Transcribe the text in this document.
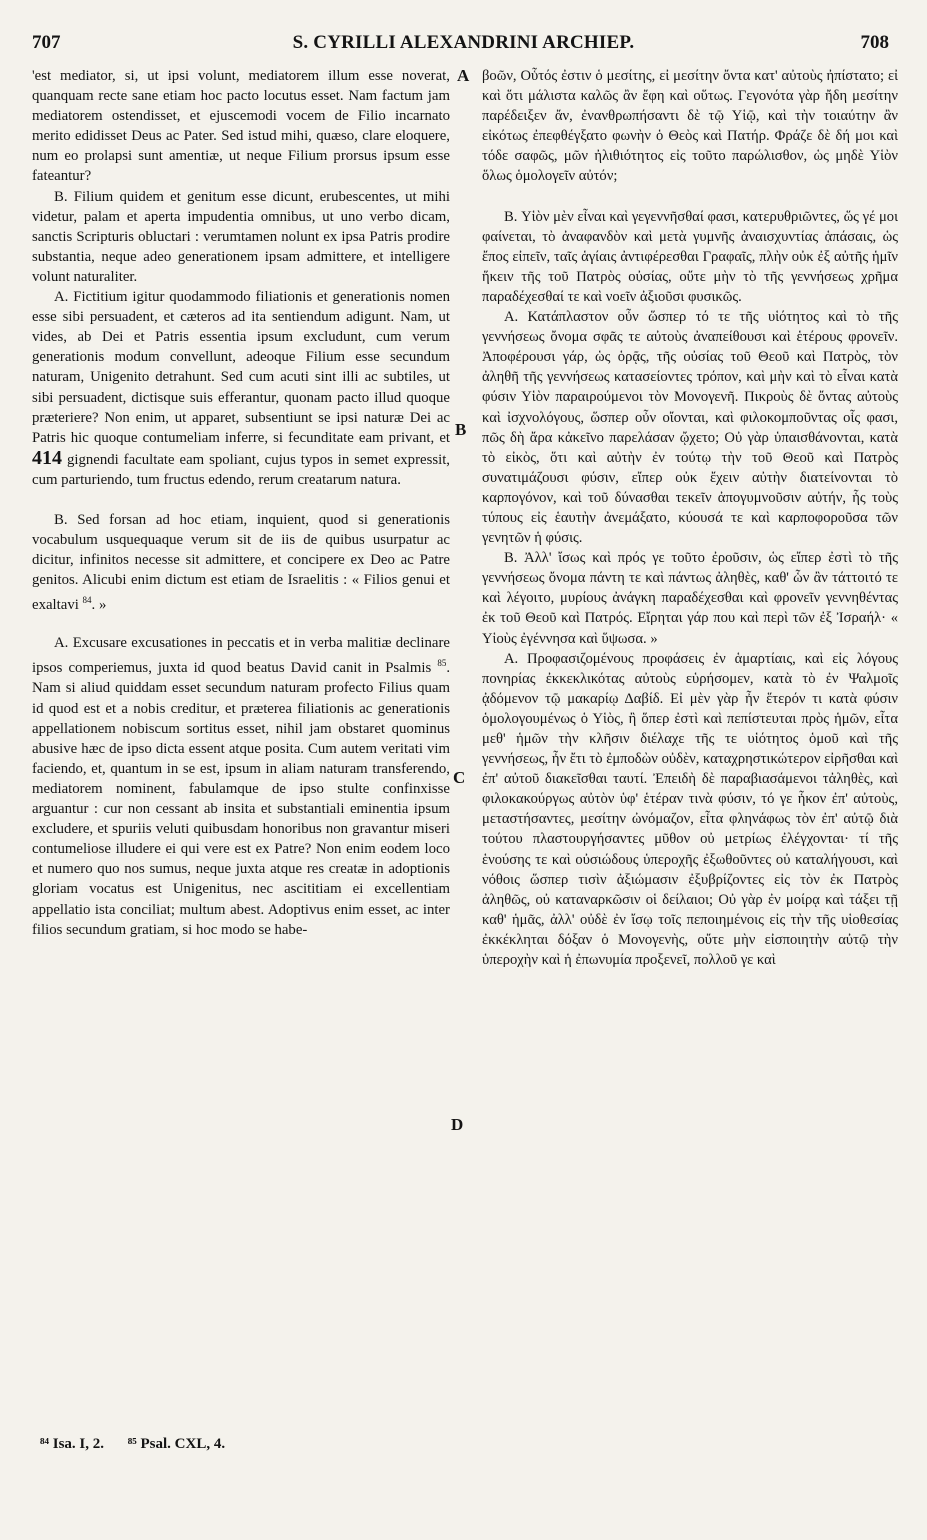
707	S. CYRILLI ALEXANDRINI ARCHIEP.	708

'est mediator, si, ut ipsi volunt, mediatorem illum esse noverat, quanquam recte sane etiam hoc pacto locutus esset. Nam factum jam mediatorem ostendisset, et ejuscemodi vocem de Filio incarnato merito edidisset Deus ac Pater. Sed istud mihi, quæso, clare eloquere, num eo prolapsi sunt amentiæ, ut neque Filium prorsus ipsum esse fateantur?

B. Filium quidem et genitum esse dicunt, erubescentes, ut mihi videtur, palam et aperta impudentia omnibus, ut uno verbo dicam, sanctis Scripturis obluctari : verumtamen nolunt ex ipsa Patris prodire substantia, neque adeo generationem ipsam admittere, et intelligere volunt naturaliter.

A. Fictitium igitur quodammodo filiationis et generationis nomen esse sibi persuadent, et cæteros ad ita sentiendum adigunt. Nam, ut vides, ab Dei et Patris essentia ipsum excludunt, cum verum generationis modum convellunt, adeoque Filium esse secundum naturam, Unigenito detrahunt. Sed cum acuti sint illi ac subtiles, ut sibi persuadent, dictisque suis efferantur, quonam pacto illud quoque præteriere? Non enim, ut apparet, subsentiunt se ipsi naturæ Dei ac Patris hic quoque contumeliam inferre, si fecunditate eam privant, et 414 gignendi facultate eam spoliant, cujus typos in semet expressit, cum parturiendo, tum fructus edendo, rerum creatarum natura.

B. Sed forsan ad hoc etiam, inquient, quod si generationis vocabulum usquequaque verum sit de iis de quibus usurpatur ac dicitur, infinitos necesse sit admittere, et concipere ex Deo ac Patre genitos. Alicubi enim dictum est etiam de Israelitis : « Filios genui et exaltavi $^{84}$. »

A. Excusare excusationes in peccatis et in verba malitiæ declinare ipsos comperiemus, juxta id quod beatus David canit in Psalmis $^{85}$. Nam si aliud quiddam esset secundum naturam profecto Filius quam id quod est et a nobis creditur, et præterea filiationis ac generationis appellationem nobiscum sortitus esset, nihil jam obstaret quominus abusive hæc de ipso dicta essent atque posita. Cum autem veritati vim faciendo, et, quantum in se est, ipsum in aliam naturam transferendo, mediatorem nominent, fabulamque de ipso stulte confinxisse arguantur : cur non cessant ab insita et substantiali eminentia ipsum excludere, et spuriis veluti quibusdam honoribus non gravantur miseri contumeliose illudere ei qui vere est ex Patre? Non enim eodem loco et numero quo nos sumus, neque juxta atque res creatæ in adoptionis gloriam vocatus est Unigenitus, nec ascititiam ei excellentiam appellatio ista conciliat; multum abest. Adoptivus enim esset, ac inter filios secundum gratiam, si hoc modo se habe-

A
B
C
D

βοῶν, Οὗτός ἐστιν ὁ μεσίτης, εἰ μεσίτην ὄντα κατ' αὐτοὺς ἠπίστατο; εἰ καὶ ὅτι μάλιστα καλῶς ἂν ἔφη καὶ οὕτως. Γεγονότα γὰρ ἤδη μεσίτην παρέδειξεν ἄν, ἐνανθρωπήσαντι δὲ τῷ Υἱῷ, καὶ τὴν τοιαύτην ἂν εἰκότως ἐπεφθέγξατο φωνὴν ὁ Θεὸς καὶ Πατήρ. Φράζε δὲ δή μοι καὶ τόδε σαφῶς, μῶν ἠλιθιότητος εἰς τοῦτο παρώλισθον, ὡς μηδὲ Υἱὸν ὅλως ὁμολογεῖν αὐτόν;

B. Υἱὸν μὲν εἶναι καὶ γεγεννῆσθαί φασι, κατερυθριῶντες, ὥς γέ μοι φαίνεται, τὸ ἀναφανδὸν καὶ μετὰ γυμνῆς ἀναισχυντίας ἁπάσαις, ὡς ἔπος εἰπεῖν, ταῖς ἁγίαις ἀντιφέρεσθαι Γραφαῖς, πλὴν οὐκ ἐξ αὐτῆς ἡμῖν ἥκειν τῆς τοῦ Πατρὸς οὐσίας, οὔτε μὴν τὸ τῆς γεννήσεως χρῆμα παραδέχεσθαί τε καὶ νοεῖν ἀξιοῦσι φυσικῶς.

A. Κατάπλαστον οὖν ὥσπερ τό τε τῆς υἱότητος καὶ τὸ τῆς γεννήσεως ὄνομα σφᾶς τε αὐτοὺς ἀναπείθουσι καὶ ἑτέρους φρονεῖν. Ἀποφέρουσι γάρ, ὡς ὁρᾷς, τῆς οὐσίας τοῦ Θεοῦ καὶ Πατρὸς, τὸν ἀληθῆ τῆς γεννήσεως κατασείοντες τρόπον, καὶ μὴν καὶ τὸ εἶναι κατὰ φύσιν Υἱὸν παραιρούμενοι τὸν Μονογενῆ. Πικροὺς δὲ ὄντας αὐτοὺς καὶ ἰσχνολόγους, ὥσπερ οὖν οἴονται, καὶ φιλοκομποῦντας οἷς φασι, πῶς δὴ ἄρα κἀκεῖνο παρελάσαν ᾤχετο; Οὐ γὰρ ὑπαισθάνονται, κατὰ τὸ εἰκὸς, ὅτι καὶ αὐτὴν ἐν τούτῳ τὴν τοῦ Θεοῦ καὶ Πατρὸς συνατιμάζουσι φύσιν, εἴπερ οὐκ ἔχειν αὐτὴν διατείνονται τὸ καρπογόνον, καὶ τοῦ δύνασθαι τεκεῖν ἀπογυμνοῦσιν αὐτήν, ἧς τοὺς τύπους εἰς ἑαυτὴν ἀνεμάξατο, κύουσά τε καὶ καρποφοροῦσα τῶν γενητῶν ἡ φύσις.

B. Ἀλλ' ἴσως καὶ πρός γε τοῦτο ἐροῦσιν, ὡς εἴπερ ἐστὶ τὸ τῆς γεννήσεως ὄνομα πάντη τε καὶ πάντως ἀληθὲς, καθ' ὧν ἂν τάττοιτό τε καὶ λέγοιτο, μυρίους ἀνάγκη παραδέχεσθαι καὶ φρονεῖν γεννηθέντας ἐκ τοῦ Θεοῦ καὶ Πατρός. Εἴρηται γάρ που καὶ περὶ τῶν ἐξ Ἰσραήλ· « Υἱοὺς ἐγέννησα καὶ ὕψωσα. »

A. Προφασιζομένους προφάσεις ἐν ἁμαρτίαις, καὶ εἰς λόγους πονηρίας ἐκκεκλικότας αὐτοὺς εὑρήσομεν, κατὰ τὸ ἐν Ψαλμοῖς ᾀδόμενον τῷ μακαρίῳ Δαβίδ. Εἰ μὲν γὰρ ἦν ἕτερόν τι κατὰ φύσιν ὁμολογουμένως ὁ Υἱὸς, ἢ ὅπερ ἐστὶ καὶ πεπίστευται πρὸς ἡμῶν, εἶτα μεθ' ἡμῶν τὴν κλῆσιν διέλαχε τῆς τε υἱότητος ὁμοῦ καὶ τῆς γεννήσεως, ἦν ἔτι τὸ ἐμποδὼν οὐδὲν, καταχρηστικώτερον εἰρῆσθαι καὶ ἐπ' αὐτοῦ διακεῖσθαι ταυτί. Ἐπειδὴ δὲ παραβιασάμενοι τἀληθὲς, καὶ φιλοκακούργως αὐτὸν ὑφ' ἑτέραν τινὰ φύσιν, τό γε ἧκον ἐπ' αὐτοὺς, μεταστήσαντες, μεσίτην ὠνόμαζον, εἶτα φληνάφως τὸν ἐπ' αὐτῷ διὰ τούτου πλαστουργήσαντες μῦθον οὐ μετρίως ἐλέγχονται· τί τῆς ἑνούσης τε καὶ οὐσιώδους ὑπεροχῆς ἐξωθοῦντες οὐ καταλήγουσι, καὶ νόθοις ὥσπερ τισὶν ἀξιώμασιν ἐξυβρίζοντες εἰς τὸν ἐκ Πατρὸς ἀληθῶς, οὐ καταναρκῶσιν οἱ δείλαιοι; Οὐ γὰρ ἐν μοίρᾳ καὶ τάξει τῇ καθ' ἡμᾶς, ἀλλ' οὐδὲ ἐν ἴσῳ τοῖς πεποιημένοις εἰς τὴν τῆς υἱοθεσίας ἐκκέκληται δόξαν ὁ Μονογενὴς, οὔτε μὴν εἰσποιητὴν αὐτῷ τὴν ὑπεροχὴν καὶ ἡ ἐπωνυμία προξενεῖ, πολλοῦ γε καὶ

⁸⁴ Isa. I, 2. ⁸⁵ Psal. CXL, 4.
